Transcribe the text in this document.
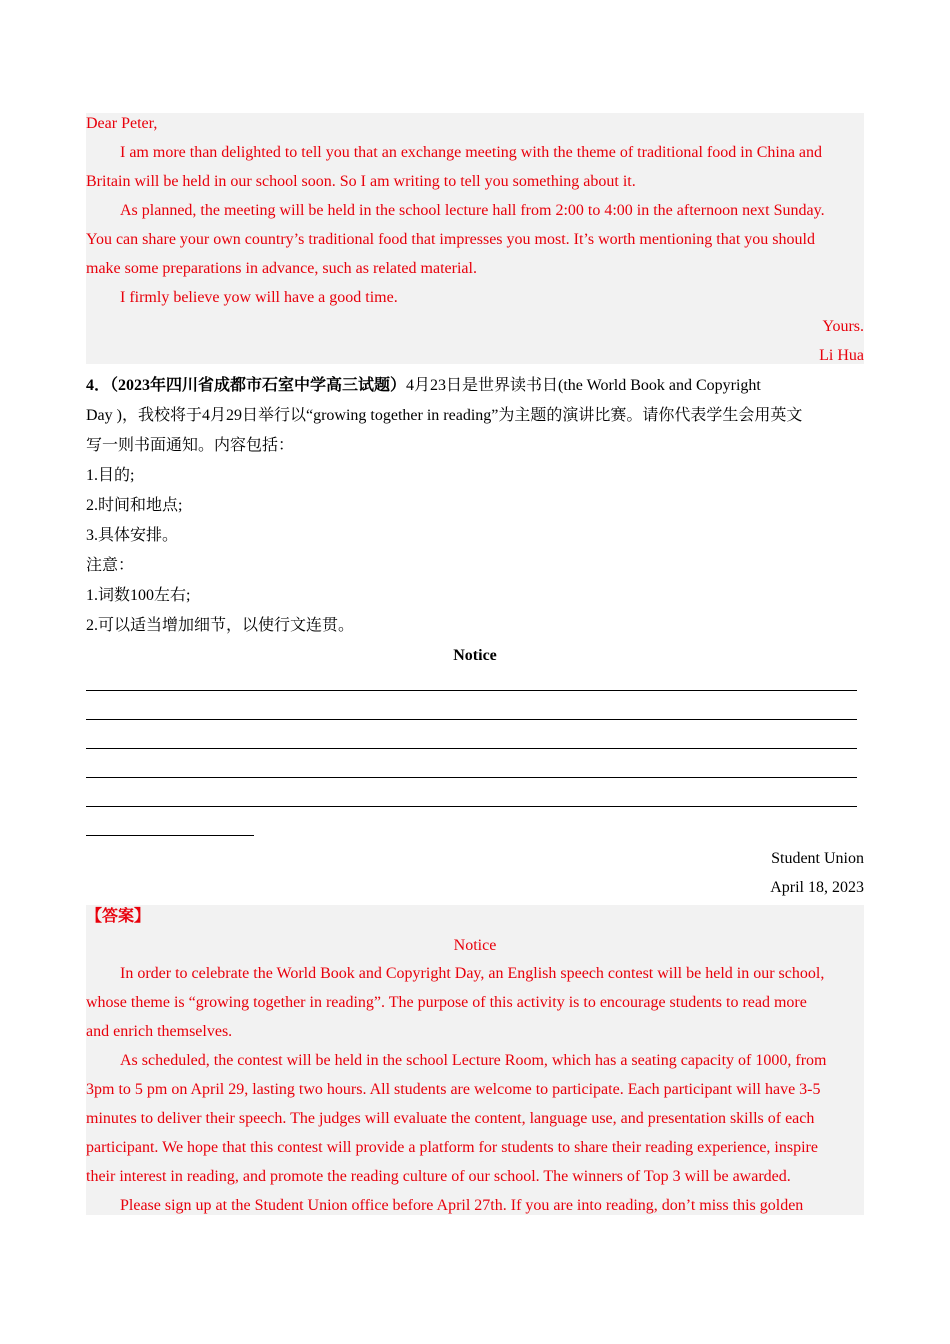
Dear Peter,
I am more than delighted to tell you that an exchange meeting with the theme of traditional food in China and
Britain will be held in our school soon. So I am writing to tell you something about it.
As planned, the meeting will be held in the school lecture hall from 2:00 to 4:00 in the afternoon next Sunday.
You can share your own country’s traditional food that impresses you most. It’s worth mentioning that you should
make some preparations in advance, such as related material.
I firmly believe yow will have a good time.
Yours.
Li Hua
4．（2023年四川省成都市石室中学高三试题）4月23日是世界读书日(the World Book and Copyright
Day )，我校将于4月29日举行以“growing together in reading”为主题的演讲比赛。请你代表学生会用英文
写一则书面通知。内容包括：
1.目的;
2.时间和地点;
3.具体安排。
注意：
1.词数100左右;
2.可以适当增加细节，以使行文连贯。
Notice
Student Union
April 18, 2023
【答案】
Notice
In order to celebrate the World Book and Copyright Day, an English speech contest will be held in our school,
whose theme is “growing together in reading”. The purpose of this activity is to encourage students to read more
and enrich themselves.
As scheduled, the contest will be held in the school Lecture Room, which has a seating capacity of 1000, from
3pm to 5 pm on April 29, lasting two hours. All students are welcome to participate. Each participant will have 3-5
minutes to deliver their speech. The judges will evaluate the content, language use, and presentation skills of each
participant. We hope that this contest will provide a platform for students to share their reading experience, inspire
their interest in reading, and promote the reading culture of our school. The winners of Top 3 will be awarded.
Please sign up at the Student Union office before April 27th. If you are into reading, don’t miss this golden
